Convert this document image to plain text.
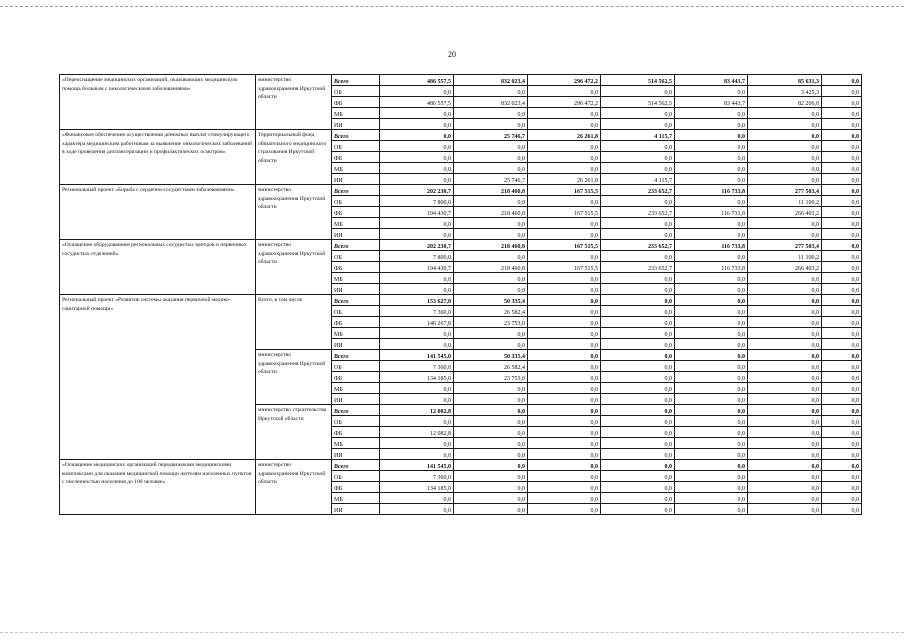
20
«Переоснащение медицинских организаций, оказывающих медицинскую помощь больным с онкологическими заболеваниями»	министерство здравоохранения Иркутской области	Всего	486 557,5	832 023,4	296 472,2	514 562,5	83 443,7	85 631,3	0,0
		ОБ	0,0	0,0	0,0	0,0	0,0	3 425,3	0,0
		ФБ	486 557,5	832 023,4	296 472,2	514 562,5	83 443,7	82 206,0	0,0
		МБ	0,0	0,0	0,0	0,0	0,0	0,0	0,0
		ИИ	0,0	0,0	0,0	0,0	0,0	0,0	0,0
«Финансовое обеспечение осуществления денежных выплат стимулирующего характера медицинским работникам за выявление онкологических заболеваний в ходе проведения диспансеризации и профилактических осмотров»	Территориальный фонд обязательного медицинского страхования Иркутской области	Всего	0,0	25 746,7	26 261,8	4 115,7	0,0	0,0	0,0
		ОБ	0,0	0,0	0,0	0,0	0,0	0,0	0,0
		ФБ	0,0	0,0	0,0	0,0	0,0	0,0	0,0
		МБ	0,0	0,0	0,0	0,0	0,0	0,0	0,0
		ИИ	0,0	25 746,7	26 261,8	4 115,7	0,0	0,0	0,0
Региональный проект «Борьба с сердечно-сосудистыми заболеваниями»	министерство здравоохранения Иркутской области	Всего	202 230,7	218 460,8	167 515,5	233 652,7	116 733,8	277 503,4	0,0
		ОБ	7 800,0	0,0	0,0	0,0	0,0	11 100,2	0,0
		ФБ	194 430,7	218 460,8	167 515,5	233 652,7	116 733,8	266 403,2	0,0
		МБ	0,0	0,0	0,0	0,0	0,0	0,0	0,0
		ИИ	0,0	0,0	0,0	0,0	0,0	0,0	0,0
«Оснащение оборудованием региональных сосудистых центров и первичных сосудистых отделений»	министерство здравоохранения Иркутской области	Всего	202 230,7	218 460,8	167 515,5	233 652,7	116 733,8	277 503,4	0,0
		ОБ	7 800,0	0,0	0,0	0,0	0,0	11 100,2	0,0
		ФБ	194 430,7	218 460,8	167 515,5	233 652,7	116 733,8	266 403,2	0,0
		МБ	0,0	0,0	0,0	0,0	0,0	0,0	0,0
		ИИ	0,0	0,0	0,0	0,0	0,0	0,0	0,0
Региональный проект «Развитие системы оказания первичной медико-санитарной помощи»	Всего, в том числе	Всего	153 627,8	50 335,4	0,0	0,0	0,0	0,0	0,0
		ОБ	7 360,0	26 582,4	0,0	0,0	0,0	0,0	0,0
		ФБ	146 267,8	23 753,0	0,0	0,0	0,0	0,0	0,0
		МБ	0,0	0,0	0,0	0,0	0,0	0,0	0,0
		ИИ	0,0	0,0	0,0	0,0	0,0	0,0	0,0
	министерство здравоохранения Иркутской области	Всего	141 545,0	50 335,4	0,0	0,0	0,0	0,0	0,0
		ОБ	7 360,0	26 582,4	0,0	0,0	0,0	0,0	0,0
		ФБ	134 185,0	23 753,0	0,0	0,0	0,0	0,0	0,0
		МБ	0,0	0,0	0,0	0,0	0,0	0,0	0,0
		ИИ	0,0	0,0	0,0	0,0	0,0	0,0	0,0
	министерство строительства Иркутской области	Всего	12 082,8	0,0	0,0	0,0	0,0	0,0	0,0
		ОБ	0,0	0,0	0,0	0,0	0,0	0,0	0,0
		ФБ	12 082,8	0,0	0,0	0,0	0,0	0,0	0,0
		МБ	0,0	0,0	0,0	0,0	0,0	0,0	0,0
		ИИ	0,0	0,0	0,0	0,0	0,0	0,0	0,0
«Оснащение медицинских организаций передвижными медицинскими комплексами для оказания медицинской помощи жителям населенных пунктов с численностью населения до 100 человек»	министерство здравоохранения Иркутской области	Всего	141 545,0	0,0	0,0	0,0	0,0	0,0	0,0
		ОБ	7 360,0	0,0	0,0	0,0	0,0	0,0	0,0
		ФБ	134 185,0	0,0	0,0	0,0	0,0	0,0	0,0
		МБ	0,0	0,0	0,0	0,0	0,0	0,0	0,0
		ИИ	0,0	0,0	0,0	0,0	0,0	0,0	0,0
